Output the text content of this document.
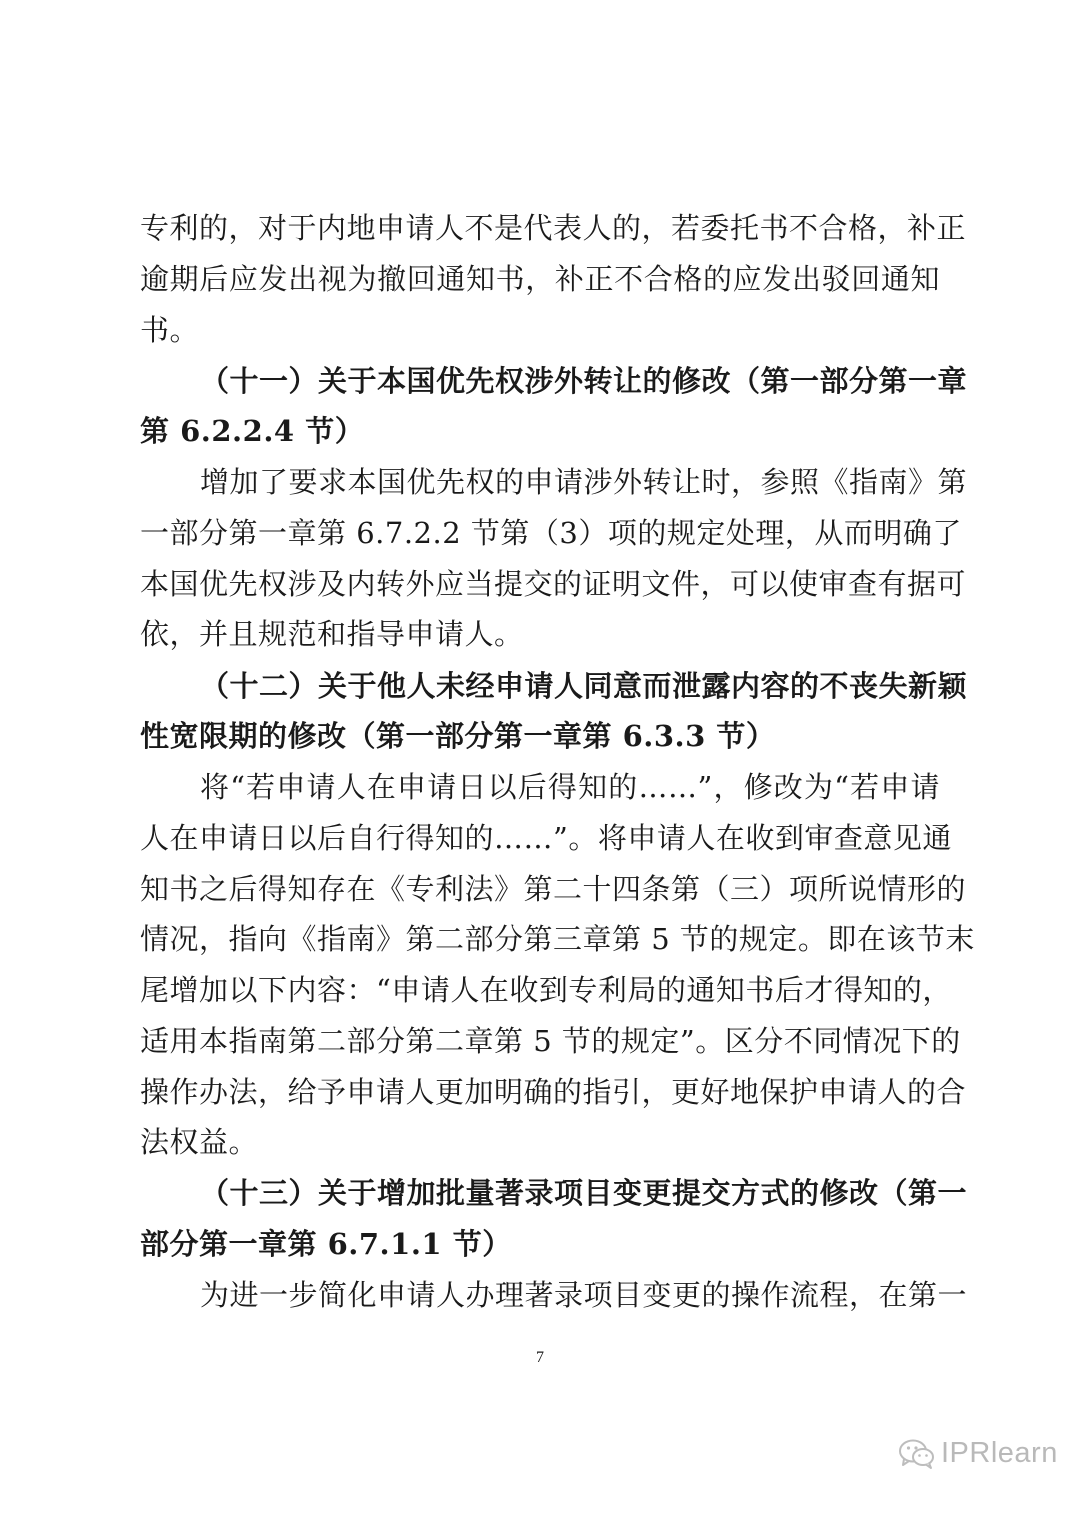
专利的，对于内地申请人不是代表人的，若委托书不合格，补正
逾期后应发出视为撤回通知书，补正不合格的应发出驳回通知
书。
（十一）关于本国优先权涉外转让的修改（第一部分第一章
第 6.2.2.4 节）
增加了要求本国优先权的申请涉外转让时，参照《指南》第
一部分第一章第 6.7.2.2 节第（3）项的规定处理，从而明确了
本国优先权涉及内转外应当提交的证明文件，可以使审查有据可
依，并且规范和指导申请人。
（十二）关于他人未经申请人同意而泄露内容的不丧失新颖
性宽限期的修改（第一部分第一章第 6.3.3 节）
将“若申请人在申请日以后得知的……”，修改为“若申请
人在申请日以后自行得知的……”。将申请人在收到审查意见通
知书之后得知存在《专利法》第二十四条第（三）项所说情形的
情况，指向《指南》第二部分第三章第 5 节的规定。即在该节末
尾增加以下内容：“申请人在收到专利局的通知书后才得知的，
适用本指南第二部分第二章第 5 节的规定”。区分不同情况下的
操作办法，给予申请人更加明确的指引，更好地保护申请人的合
法权益。
（十三）关于增加批量著录项目变更提交方式的修改（第一
部分第一章第 6.7.1.1 节）
为进一步简化申请人办理著录项目变更的操作流程，在第一
7
IPRlearn
